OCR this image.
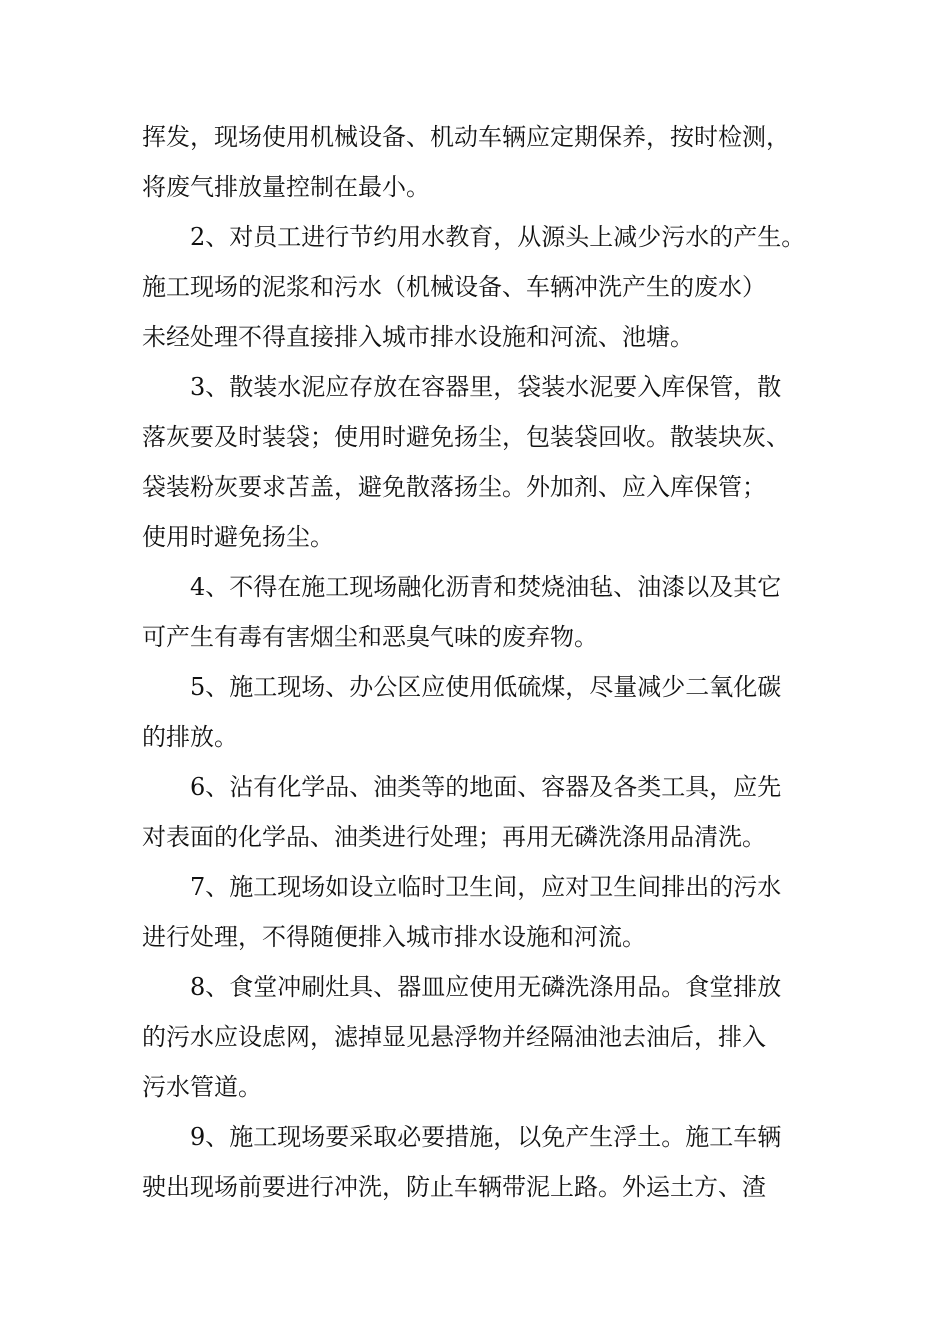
挥发，现场使用机械设备、机动车辆应定期保养，按时检测，
将废气排放量控制在最小。
2、对员工进行节约用水教育，从源头上减少污水的产生。
施工现场的泥浆和污水（机械设备、车辆冲洗产生的废水）
未经处理不得直接排入城市排水设施和河流、池塘。
3、散装水泥应存放在容器里，袋装水泥要入库保管，散
落灰要及时装袋；使用时避免扬尘，包装袋回收。散装块灰、
袋装粉灰要求苫盖，避免散落扬尘。外加剂、应入库保管；
使用时避免扬尘。
4、不得在施工现场融化沥青和焚烧油毡、油漆以及其它
可产生有毒有害烟尘和恶臭气味的废弃物。
5、施工现场、办公区应使用低硫煤，尽量减少二氧化碳
的排放。
6、沾有化学品、油类等的地面、容器及各类工具，应先
对表面的化学品、油类进行处理；再用无磷洗涤用品清洗。
7、施工现场如设立临时卫生间，应对卫生间排出的污水
进行处理，不得随便排入城市排水设施和河流。
8、食堂冲刷灶具、器皿应使用无磷洗涤用品。食堂排放
的污水应设虑网，滤掉显见悬浮物并经隔油池去油后，排入
污水管道。
9、施工现场要采取必要措施，以免产生浮土。施工车辆
驶出现场前要进行冲洗，防止车辆带泥上路。外运土方、渣
